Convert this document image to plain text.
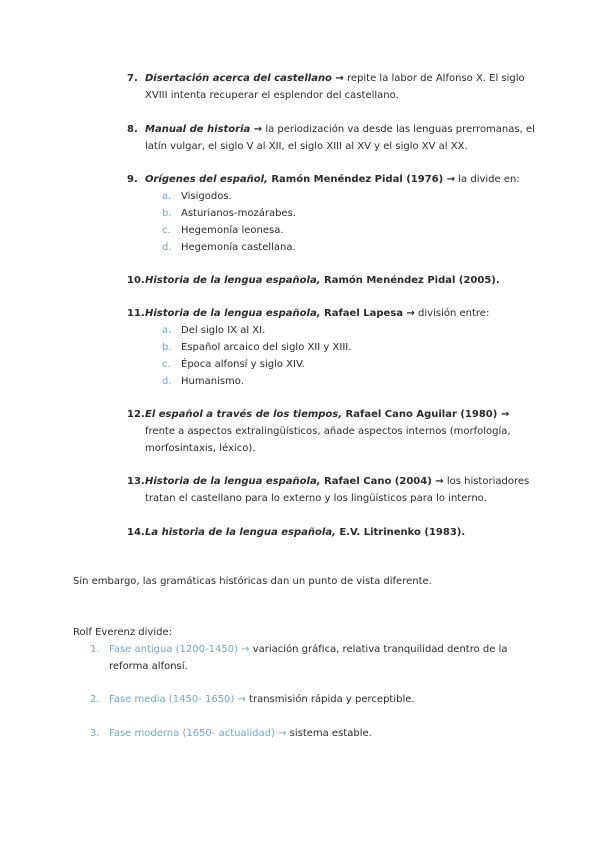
7. Disertación acerca del castellano → repite la labor de Alfonso X. El siglo XVIII intenta recuperar el esplendor del castellano.
8. Manual de historia → la periodización va desde las lenguas prerromanas, el latín vulgar, el siglo V al XII, el siglo XIII al XV y el siglo XV al XX.
9. Orígenes del español, Ramón Menéndez Pidal (1976) → la divide en:
a. Visigodos.
b. Asturianos-mozárabes.
c. Hegemonía leonesa.
d. Hegemonía castellana.
10. Historia de la lengua española, Ramón Menéndez Pidal (2005).
11. Historia de la lengua española, Rafael Lapesa → división entre:
a. Del siglo IX al XI.
b. Español arcaico del siglo XII y XIII.
c. Época alfonsí y siglo XIV.
d. Humanismo.
12. El español a través de los tiempos, Rafael Cano Aguilar (1980) → frente a aspectos extralingüísticos, añade aspectos internos (morfología, morfosintaxis, léxico).
13. Historia de la lengua española, Rafael Cano (2004) → los historiadores tratan el castellano para lo externo y los lingüísticos para lo interno.
14. La historia de la lengua española, E.V. Litrinenko (1983).
Sin embargo, las gramáticas históricas dan un punto de vista diferente.
Rolf Everenz divide:
1. Fase antigua (1200-1450) → variación gráfica, relativa tranquilidad dentro de la reforma alfonsí.
2. Fase media (1450- 1650) → transmisión rápida y perceptible.
3. Fase moderna (1650- actualidad) → sistema estable.
